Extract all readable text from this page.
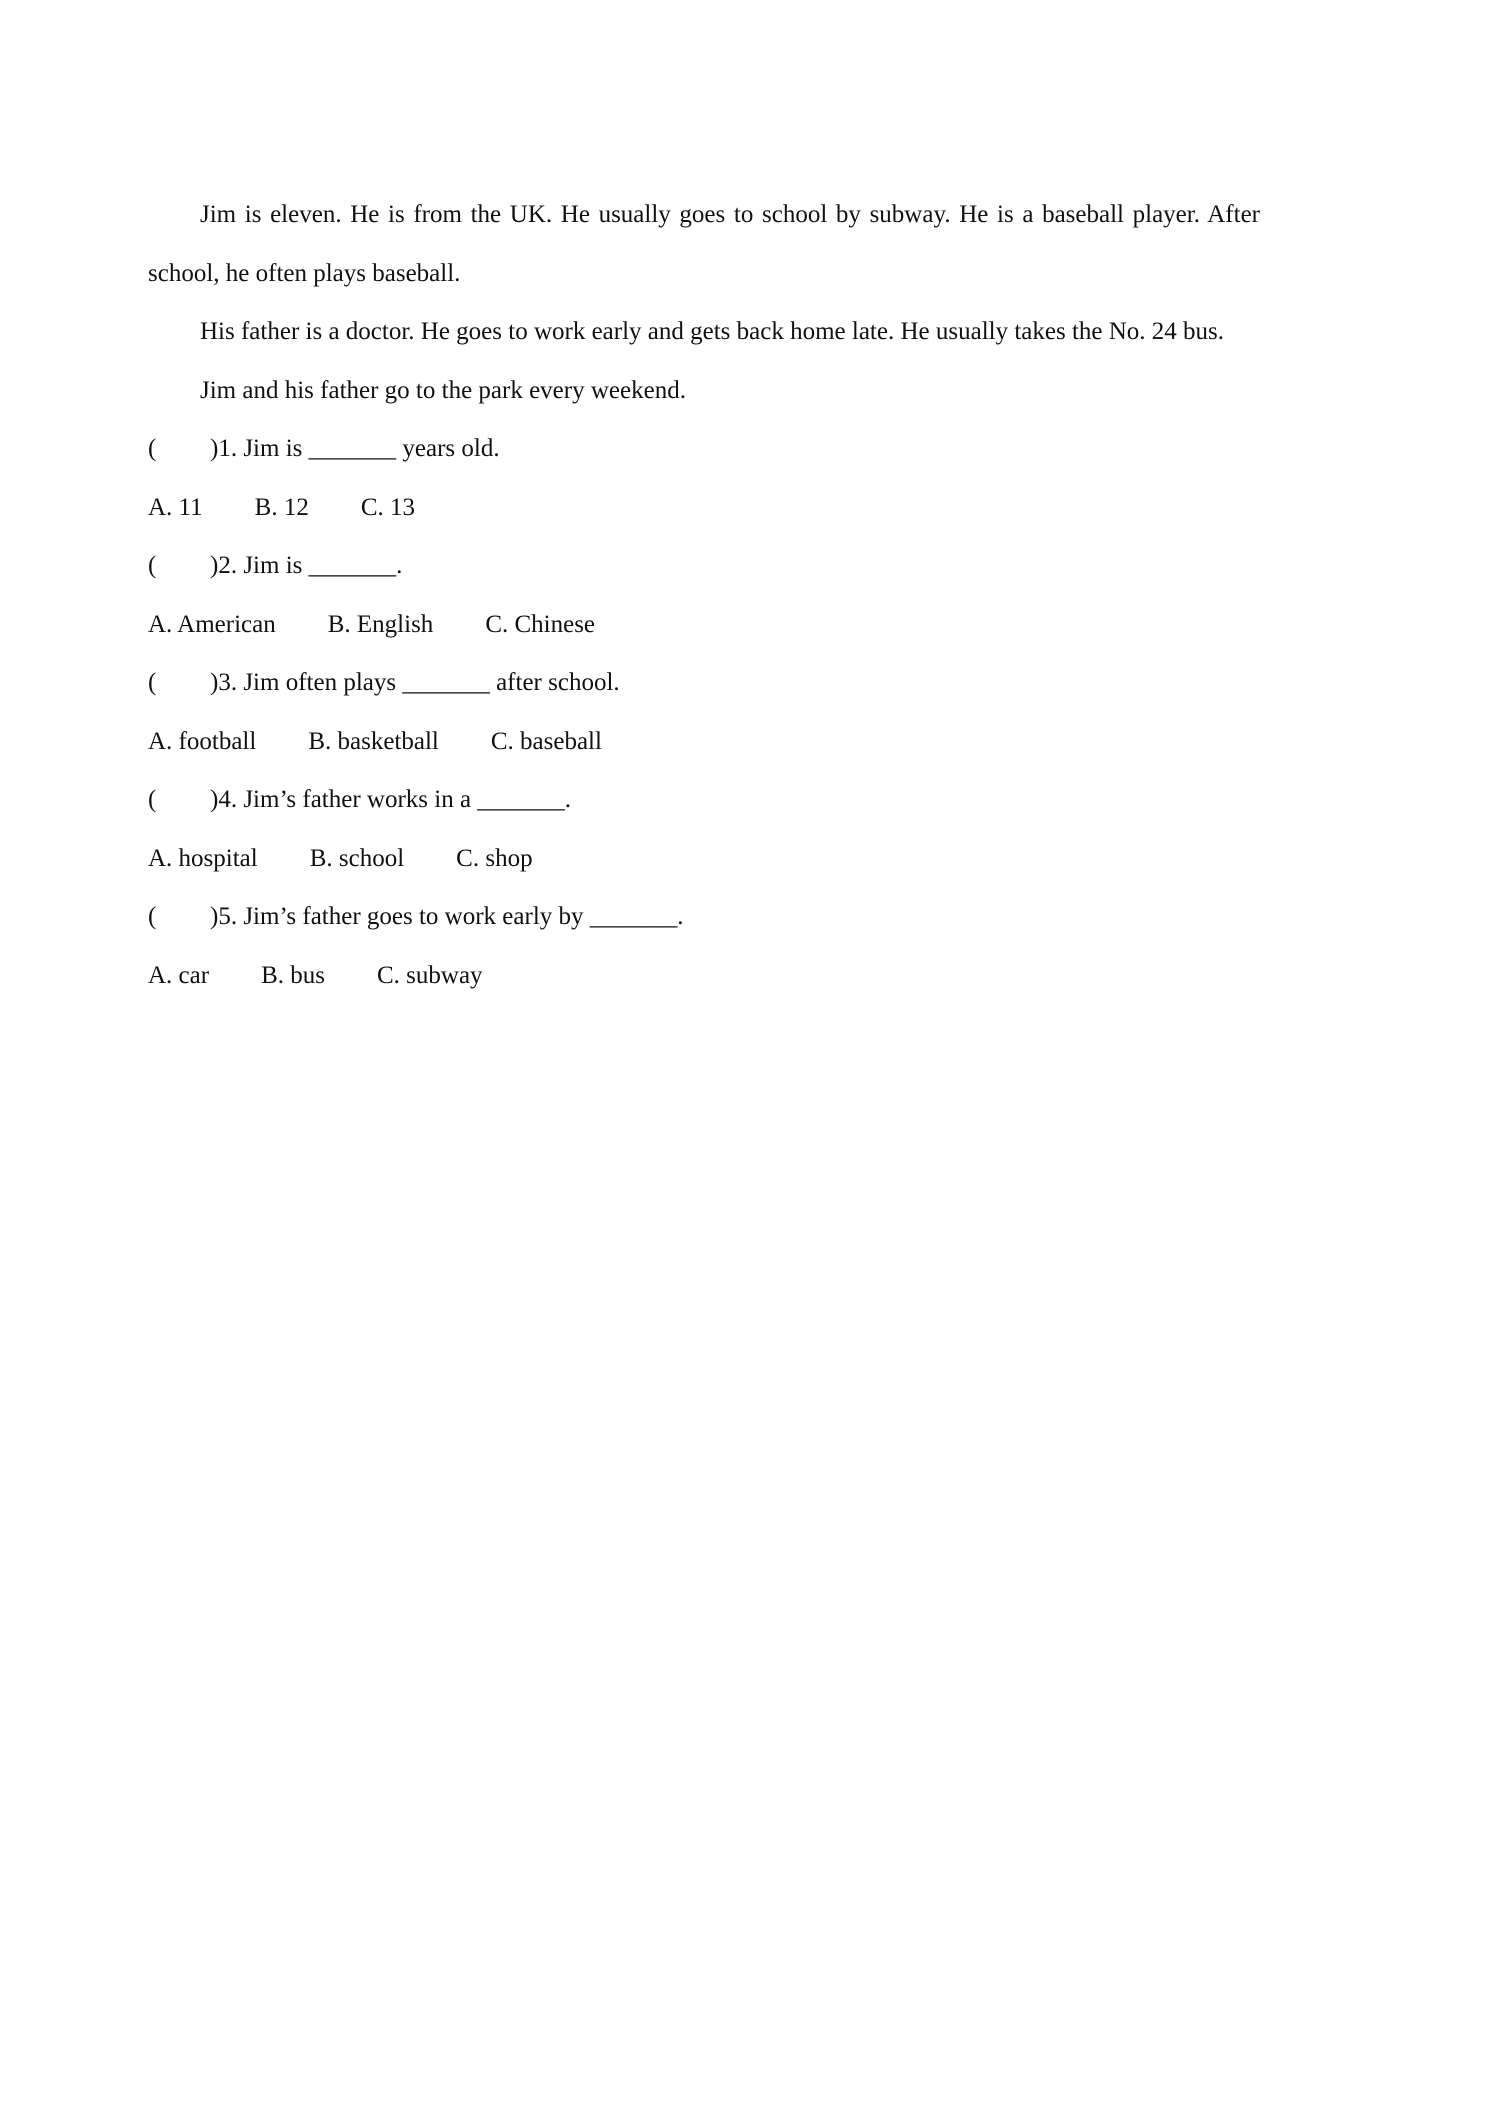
Jim is eleven. He is from the UK. He usually goes to school by subway. He is a baseball player. After school, he often plays baseball.

His father is a doctor. He goes to work early and gets back home late. He usually takes the No. 24 bus.

Jim and his father go to the park every weekend.

( )1. Jim is _______ years old.

A. 11 B. 12 C. 13

( )2. Jim is _______.

A. American B. English C. Chinese

( )3. Jim often plays _______ after school.

A. football B. basketball C. baseball

( )4. Jim’s father works in a _______.

A. hospital B. school C. shop

( )5. Jim’s father goes to work early by _______.

A. car B. bus C. subway
